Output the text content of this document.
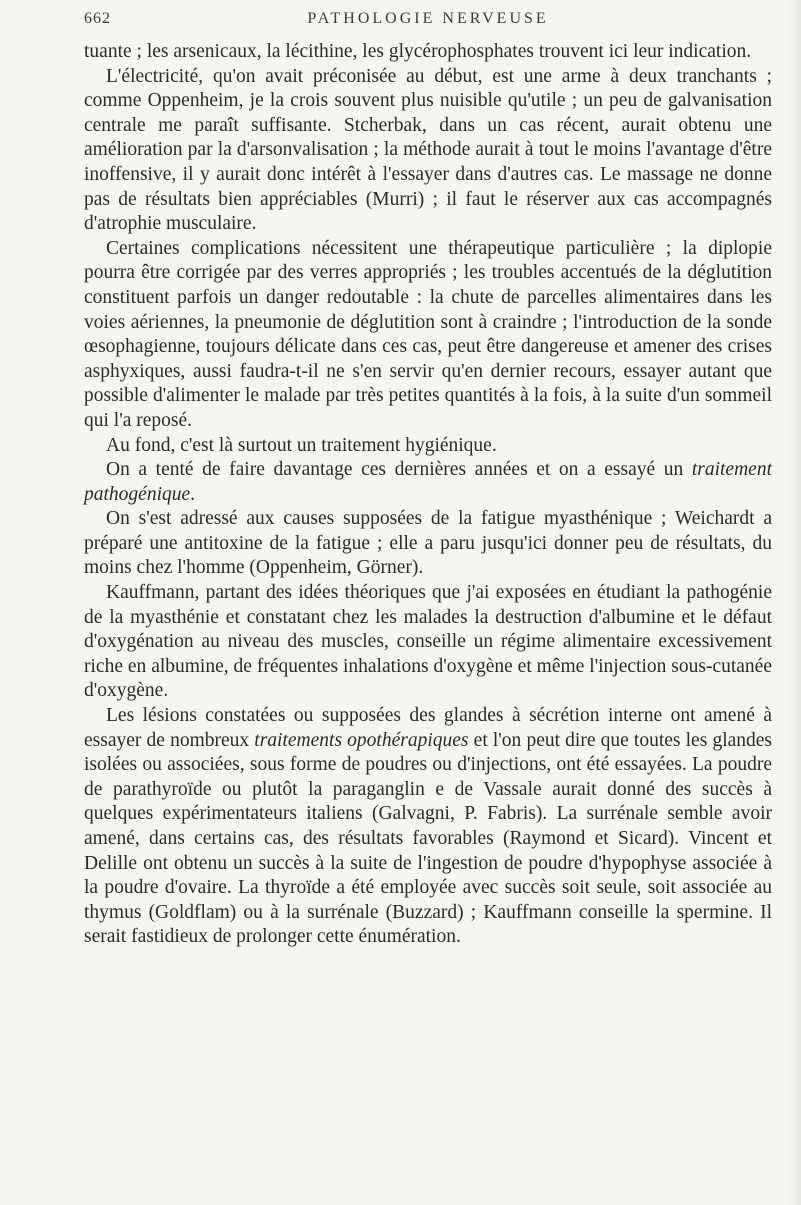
662	PATHOLOGIE NERVEUSE

tuante ; les arsenicaux, la lécithine, les glycérophosphates trouvent ici leur indication.

L'électricité, qu'on avait préconisée au début, est une arme à deux tranchants ; comme Oppenheim, je la crois souvent plus nuisible qu'utile ; un peu de galvanisation centrale me paraît suffisante. Stcherbak, dans un cas récent, aurait obtenu une amélioration par la d'arsonvalisation ; la méthode aurait à tout le moins l'avantage d'être inoffensive, il y aurait donc intérêt à l'essayer dans d'autres cas. Le massage ne donne pas de résultats bien appréciables (Murri) ; il faut le réserver aux cas accompagnés d'atrophie musculaire.

Certaines complications nécessitent une thérapeutique particulière ; la diplopie pourra être corrigée par des verres appropriés ; les troubles accentués de la déglutition constituent parfois un danger redoutable : la chute de parcelles alimentaires dans les voies aériennes, la pneumonie de déglutition sont à craindre ; l'introduction de la sonde œsophagienne, toujours délicate dans ces cas, peut être dangereuse et amener des crises asphyxiques, aussi faudra-t-il ne s'en servir qu'en dernier recours, essayer autant que possible d'alimenter le malade par très petites quantités à la fois, à la suite d'un sommeil qui l'a reposé.

Au fond, c'est là surtout un traitement hygiénique.

On a tenté de faire davantage ces dernières années et on a essayé un traitement pathogénique.

On s'est adressé aux causes supposées de la fatigue myasthénique ; Weichardt a préparé une antitoxine de la fatigue ; elle a paru jusqu'ici donner peu de résultats, du moins chez l'homme (Oppenheim, Görner).

Kauffmann, partant des idées théoriques que j'ai exposées en étudiant la pathogénie de la myasthénie et constatant chez les malades la destruction d'albumine et le défaut d'oxygénation au niveau des muscles, conseille un régime alimentaire excessivement riche en albumine, de fréquentes inhalations d'oxygène et même l'injection sous-cutanée d'oxygène.

Les lésions constatées ou supposées des glandes à sécrétion interne ont amené à essayer de nombreux traitements opothérapiques et l'on peut dire que toutes les glandes isolées ou associées, sous forme de poudres ou d'injections, ont été essayées. La poudre de parathyroïde ou plutôt la paraganglin e de Vassale aurait donné des succès à quelques expérimentateurs italiens (Galvagni, P. Fabris). La surrénale semble avoir amené, dans certains cas, des résultats favorables (Raymond et Sicard). Vincent et Delille ont obtenu un succès à la suite de l'ingestion de poudre d'hypophyse associée à la poudre d'ovaire. La thyroïde a été employée avec succès soit seule, soit associée au thymus (Goldflam) ou à la surrénale (Buzzard) ; Kauffmann conseille la spermine. Il serait fastidieux de prolonger cette énumération.
